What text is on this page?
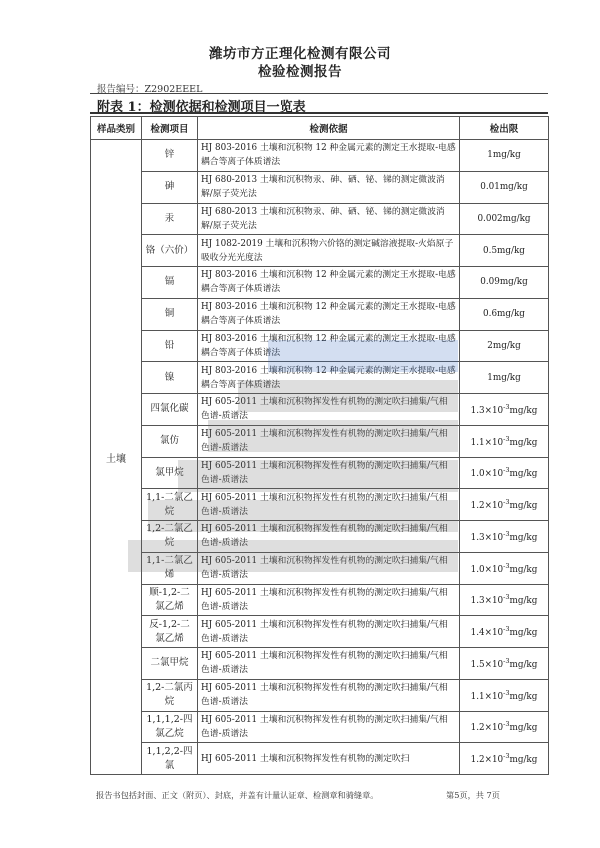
潍坊市方正理化检测有限公司
检验检测报告
报告编号：Z2902EEEL
附表 1：检测依据和检测项目一览表
样品类别	检测项目	检测依据	检出限
土壤	锌	HJ 803-2016 土壤和沉积物 12 种金属元素的测定王水提取-电感耦合等离子体质谱法	1mg/kg
	砷	HJ 680-2013 土壤和沉积物汞、砷、硒、铋、锑的测定微波消解/原子荧光法	0.01mg/kg
	汞	HJ 680-2013 土壤和沉积物汞、砷、硒、铋、锑的测定微波消解/原子荧光法	0.002mg/kg
	铬（六价）	HJ 1082-2019 土壤和沉积物六价铬的测定碱溶液提取-火焰原子吸收分光光度法	0.5mg/kg
	镉	HJ 803-2016 土壤和沉积物 12 种金属元素的测定王水提取-电感耦合等离子体质谱法	0.09mg/kg
	铜	HJ 803-2016 土壤和沉积物 12 种金属元素的测定王水提取-电感耦合等离子体质谱法	0.6mg/kg
	铅	HJ 803-2016 土壤和沉积物 12 种金属元素的测定王水提取-电感耦合等离子体质谱法	2mg/kg
	镍	HJ 803-2016 土壤和沉积物 12 种金属元素的测定王水提取-电感耦合等离子体质谱法	1mg/kg
	四氯化碳	HJ 605-2011 土壤和沉积物挥发性有机物的测定吹扫捕集/气相色谱-质谱法	$1.3\times 10^{-3}mg/kg$
	氯仿	HJ 605-2011 土壤和沉积物挥发性有机物的测定吹扫捕集/气相色谱-质谱法	$1.1\times 10^{-3}mg/kg$
	氯甲烷	HJ 605-2011 土壤和沉积物挥发性有机物的测定吹扫捕集/气相色谱-质谱法	$1.0\times 10^{-3}mg/kg$
	1,1-二氯乙烷	HJ 605-2011 土壤和沉积物挥发性有机物的测定吹扫捕集/气相色谱-质谱法	$1.2\times 10^{-3}mg/kg$
	1,2-二氯乙烷	HJ 605-2011 土壤和沉积物挥发性有机物的测定吹扫捕集/气相色谱-质谱法	$1.3\times 10^{-3}mg/kg$
	1,1-二氯乙烯	HJ 605-2011 土壤和沉积物挥发性有机物的测定吹扫捕集/气相色谱-质谱法	$1.0\times 10^{-3}mg/kg$
	顺-1,2-二氯乙烯	HJ 605-2011 土壤和沉积物挥发性有机物的测定吹扫捕集/气相色谱-质谱法	$1.3\times 10^{-3}mg/kg$
	反-1,2-二氯乙烯	HJ 605-2011 土壤和沉积物挥发性有机物的测定吹扫捕集/气相色谱-质谱法	$1.4\times 10^{-3}mg/kg$
	二氯甲烷	HJ 605-2011 土壤和沉积物挥发性有机物的测定吹扫捕集/气相色谱-质谱法	$1.5\times 10^{-3}mg/kg$
	1,2-二氯丙烷	HJ 605-2011 土壤和沉积物挥发性有机物的测定吹扫捕集/气相色谱-质谱法	$1.1\times 10^{-3}mg/kg$
	1,1,1,2-四氯乙烷	HJ 605-2011 土壤和沉积物挥发性有机物的测定吹扫捕集/气相色谱-质谱法	$1.2\times 10^{-3}mg/kg$
	1,1,2,2-四氯	HJ 605-2011 土壤和沉积物挥发性有机物的测定吹扫	$1.2\times 10^{-3}mg/kg$
报告书包括封面、正文（附页）、封底，并盖有计量认证章、检测章和骑缝章。	第5页，共 7页
